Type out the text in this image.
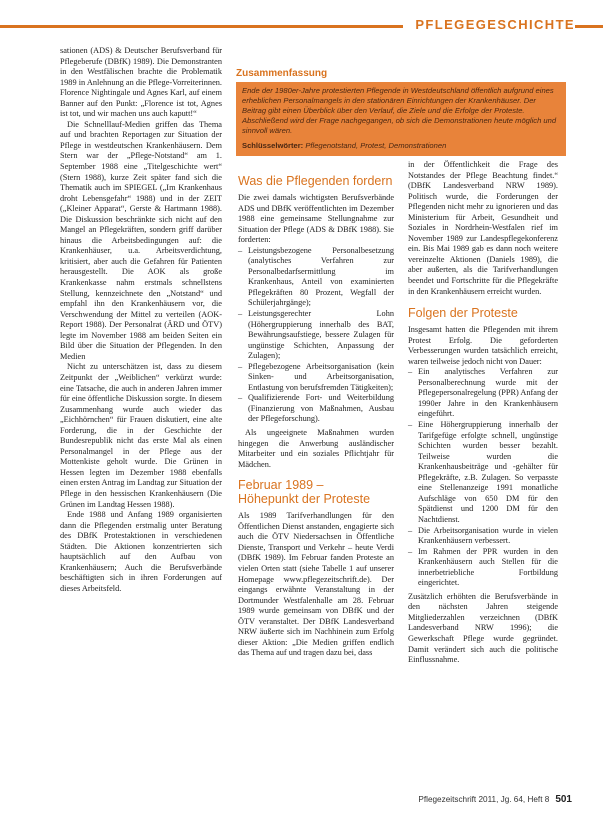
PFLEGEGESCHICHTE

sationen (ADS) & Deutscher Berufsverband für Pflegeberufe (DBfK) 1989). Die Demonstranten in den Westfälischen brachte die Problematik 1989 in Anlehnung an die Pflege-Vorreiterinnen. Florence Nightingale und Agnes Karl, auf einem Banner auf den Punkt: „Florence ist tot, Agnes ist tot, und wir machen uns auch kaputt!“

Die Schnelllauf-Medien griffen das Thema auf und brachten Reportagen zur Situation der Pflege in westdeutschen Krankenhäusern. Dem Stern war der „Pflege-Notstand“ am 1. September 1988 eine „Titelgeschichte wert“ (Stern 1988), kurze Zeit später fand sich die Thematik auch im SPIEGEL („Im Krankenhaus droht Lebensgefahr“ 1988) und in der ZEIT („Kleiner Apparat“, Gerste & Hartmann 1988). Die Diskussion beschränkte sich nicht auf den Mangel an Pflegekräften, sondern griff darüber hinaus die Arbeitsbedingungen auf: die Krankenhäuser, u.a. Arbeitsverdichtung, kritisiert, aber auch die Gefahren für Patienten herausgestellt. Die AOK als große Krankenkasse nahm erstmals schnellstens Stellung, kennzeichnete den „Notstand“ und empfahl ihn den Krankenhäusern vor, die Verschwendung der Mittel zu verteilen (AOK-Report 1988). Der Personalrat (ÄRD und ÖTV) legte im November 1988 am beiden Seiten ein Bild über die Situation der Pflegenden. In den Medien

Nicht zu unterschätzen ist, dass zu diesem Zeitpunkt der „Weiblichen“ verkürzt wurde: eine Tatsache, die auch in anderen Jahren immer für eine öffentliche Diskussion sorgte. In diesem Zusammenhang wurde auch wieder das „Eichhörnchen“ für Frauen diskutiert, eine alte Forderung, die in der Geschichte der Bundesrepublik nicht das erste Mal als einen Personalmangel in der Pflege aus der Mottenkiste geholt wurde. Die Grünen in Hessen legten im Dezember 1988 ebenfalls einen ersten Antrag im Landtag zur Situation der Pflege in den hessischen Krankenhäusern (Die Grünen im Landtag Hessen 1988).

Ende 1988 und Anfang 1989 organisierten dann die Pflegenden erstmalig unter Beratung des DBfK Protestaktionen in verschiedenen Städten. Die Aktionen konzentrierten sich hauptsächlich auf den Aufbau von Krankenhäusern; Auch die Berufsverbände beschäftigten sich in ihren Forderungen auf dieses Arbeitsfeld.

Zusammenfassung
Ende der 1980er-Jahre protestierten Pflegende in Westdeutschland öffentlich aufgrund eines erheblichen Personalmangels in den stationären Einrichtungen der Krankenhäuser. Der Beitrag gibt einen Überblick über den Verlauf, die Ziele und die Erfolge der Proteste. Abschließend wird der Frage nachgegangen, ob sich die Demonstrationen heute möglich und sinnvoll wären.
Schlüsselwörter: Pflegenotstand, Protest, Demonstrationen
Was die Pflegenden fordern

Die zwei damals wichtigsten Berufsverbände ADS und DBfK veröffentlichten im Dezember 1988 eine gemeinsame Stellungnahme zur Situation der Pflege (ADS & DBfK 1988). Sie forderten:

– Leistungsbezogene Personalbesetzung (analytisches Verfahren zur Personalbedarfsermittlung im Krankenhaus, Anteil von examinierten Pflegekräften 80 Prozent, Wegfall der Schülerjahrgänge);
– Leistungsgerechter Lohn (Höhergruppierung innerhalb des BAT, Bewährungsaufstiege, bessere Zulagen für ungünstige Schichten, Anpassung der Zulagen);
– Pflegebezogene Arbeitsorganisation (kein Sinken- und Arbeitsorganisation, Entlastung von berufsfremden Tätigkeiten);
– Qualifizierende Fort- und Weiterbildung (Finanzierung von Maßnahmen, Ausbau der Pflegeforschung).

Als ungeeignete Maßnahmen wurden hingegen die Anwerbung ausländischer Mitarbeiter und ein soziales Pflichtjahr für Mädchen.

Februar 1989 –
Höhepunkt der Proteste

Als 1989 Tarifverhandlungen für den Öffentlichen Dienst anstanden, engagierte sich auch die ÖTV Niedersachsen in Öffentliche Dienste, Transport und Verkehr – heute Verdi (DBfK 1989). Im Februar fanden Proteste an vielen Orten statt (siehe Tabelle 1 auf unserer Homepage www.pflegezeitschrift.de). Der eingangs erwähnte Veranstaltung in der Dortmunder Westfalenhalle am 28. Februar 1989 wurde gemeinsam von DBfK und der ÖTV veranstaltet. Der DBfK Landesverband NRW äußerte sich im Nachhinein zum Erfolg dieser Aktion: „Die Medien griffen endlich das Thema auf und tragen dazu bei, dass

in der Öffentlichkeit die Frage des Notstandes der Pflege Beachtung findet.“ (DBfK Landesverband NRW 1989). Politisch wurde, die Forderungen der Pflegenden nicht mehr zu ignorieren und das Ministerium für Arbeit, Gesundheit und Soziales in Nordrhein-Westfalen rief im November 1989 zur Landespflegekonferenz ein. Bis Mai 1989 gab es dann noch weitere vereinzelte Aktionen (Daniels 1989), die aber außerten, als die Tarifverhandlungen beendet und Fortschritte für die Pflegekräfte in den Krankenhäusern erreicht wurden.

Folgen der Proteste

Insgesamt hatten die Pflegenden mit ihrem Protest Erfolg. Die geforderten Verbesserungen wurden tatsächlich erreicht, waren teilweise jedoch nicht von Dauer:

– Ein analytisches Verfahren zur Personalberechnung wurde mit der Pflegepersonalregelung (PPR) Anfang der 1990er Jahre in den Krankenhäusern eingeführt.
– Eine Höhergruppierung innerhalb der Tarifgefüge erfolgte schnell, ungünstige Schichten wurden besser bezahlt. Teilweise wurden die Krankenhausbeiträge und -gehälter für Pflegekräfte, z.B. Zulagen. So verpasste eine Stellenanzeige 1991 monatliche Aufschläge von 650 DM für den Spätdienst und 1200 DM für den Nachtdienst.
– Die Arbeitsorganisation wurde in vielen Krankenhäusern verbessert.
– Im Rahmen der PPR wurden in den Krankenhäusern auch Stellen für die innerbetriebliche Fortbildung eingerichtet.

Zusätzlich erhöhten die Berufsverbände in den nächsten Jahren steigende Mitgliederzahlen verzeichnen (DBfK Landesverband NRW 1996); die Gewerkschaft Pflege wurde gegründet. Damit verändert sich auch die politische Einflussnahme.

Pflegezeitschrift 2011, Jg. 64, Heft 8 501
